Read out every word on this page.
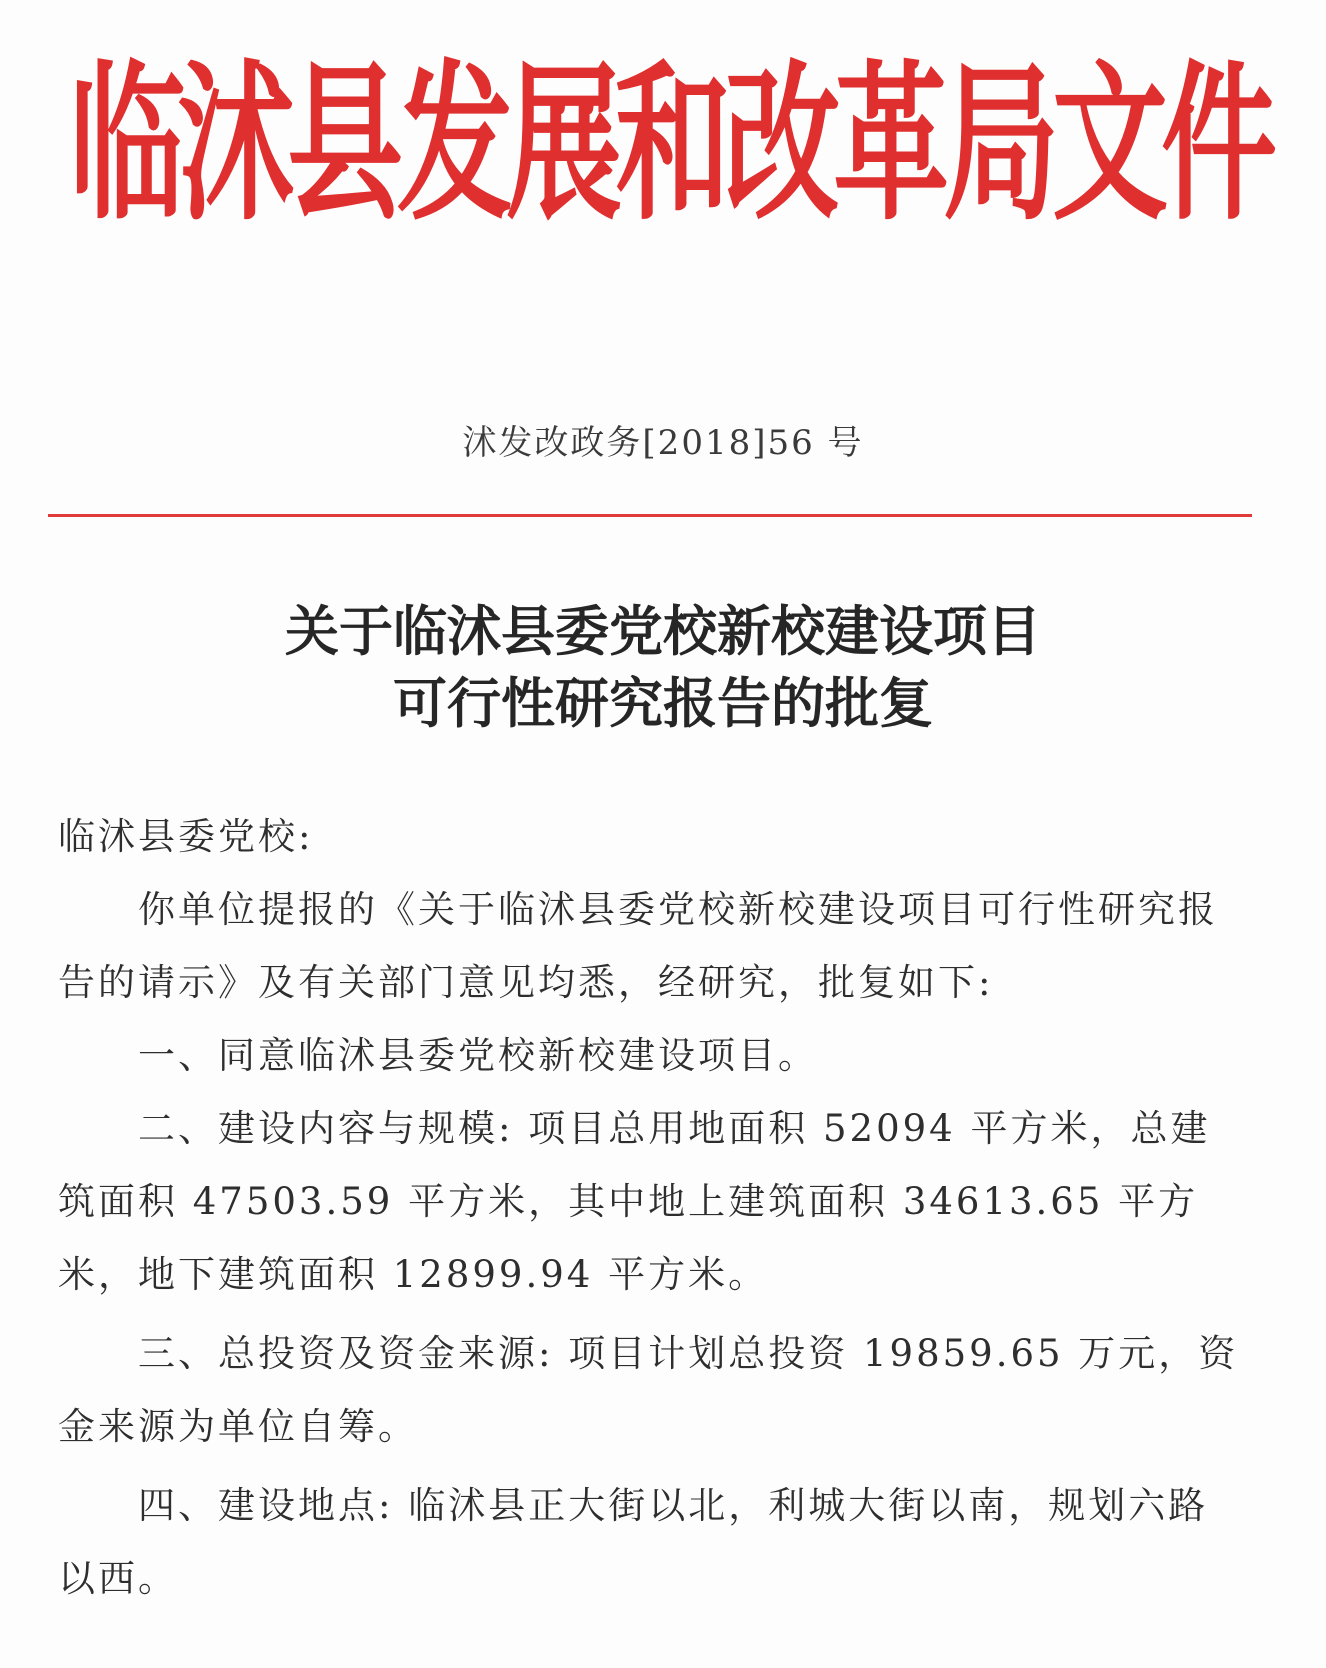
临
沭
县
发
展
和
改
革
局
文
件
沭发改政务[2018]56 号
关于临沭县委党校新校建设项目
可行性研究报告的批复

临沭县委党校:

你单位提报的《关于临沭县委党校新校建设项目可行性研究报告的请示》及有关部门意见均悉，经研究，批复如下:

一、同意临沭县委党校新校建设项目。

二、建设内容与规模: 项目总用地面积 52094 平方米，总建筑面积 47503.59 平方米，其中地上建筑面积 34613.65 平方米，地下建筑面积 12899.94 平方米。

三、总投资及资金来源: 项目计划总投资 19859.65 万元，资金来源为单位自筹。

四、建设地点: 临沭县正大街以北，利城大街以南，规划六路以西。
